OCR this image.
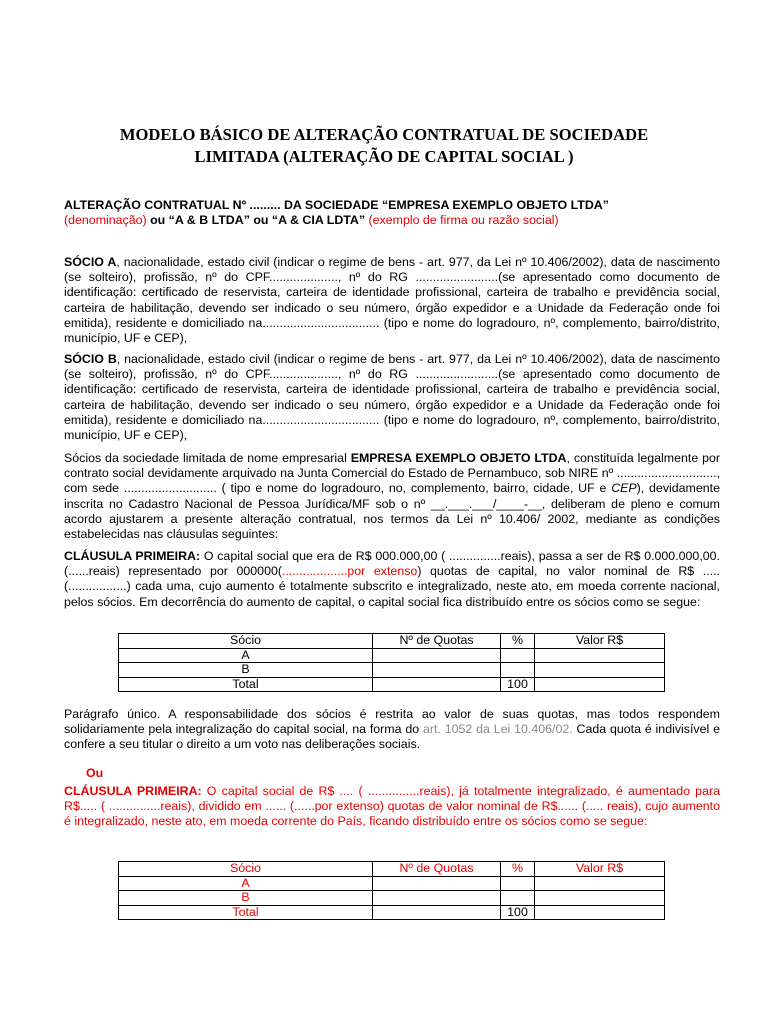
MODELO BÁSICO DE ALTERAÇÃO CONTRATUAL DE SOCIEDADE
LIMITADA (ALTERAÇÃO DE CAPITAL SOCIAL )
ALTERAÇÃO CONTRATUAL Nº ......... DA SOCIEDADE “EMPRESA EXEMPLO OBJETO LTDA”
(denominação) ou “A & B LTDA” ou “A & CIA LDTA” (exemplo de firma ou razão social)
SÓCIO A, nacionalidade, estado civil (indicar o regime de bens - art. 977, da Lei nº 10.406/2002), data de nascimento (se solteiro), profissão, nº do CPF...................., nº do RG ........................(se apresentado como documento de identificação: certificado de reservista, carteira de identidade profissional, carteira de trabalho e previdência social, carteira de habilitação, devendo ser indicado o seu número, órgão expedidor e a Unidade da Federação onde foi emitida), residente e domiciliado na.................................. (tipo e nome do logradouro, nº, complemento, bairro/distrito, município, UF e CEP),
SÓCIO B, nacionalidade, estado civil (indicar o regime de bens - art. 977, da Lei nº 10.406/2002), data de nascimento (se solteiro), profissão, nº do CPF...................., nº do RG ........................(se apresentado como documento de identificação: certificado de reservista, carteira de identidade profissional, carteira de trabalho e previdência social, carteira de habilitação, devendo ser indicado o seu número, órgão expedidor e a Unidade da Federação onde foi emitida), residente e domiciliado na.................................. (tipo e nome do logradouro, nº, complemento, bairro/distrito, município, UF e CEP),
Sócios da sociedade limitada de nome empresarial EMPRESA EXEMPLO OBJETO LTDA, constituída legalmente por contrato social devidamente arquivado na Junta Comercial do Estado de Pernambuco, sob NIRE nº ............................., com sede ........................... ( tipo e nome do logradouro, no, complemento, bairro, cidade, UF e CEP), devidamente inscrita no Cadastro Nacional de Pessoa Jurídica/MF sob o nº __.___.___/____-__, deliberam de pleno e comum acordo ajustarem a presente alteração contratual, nos termos da Lei nº 10.406/ 2002, mediante as condições estabelecidas nas cláusulas seguintes:
CLÁUSULA PRIMEIRA: O capital social que era de R$ 000.000,00 ( ...............reais), passa a ser de R$ 0.000.000,00. (......reais) representado por 000000(...................por extenso) quotas de capital, no valor nominal de R$ ..... (.................) cada uma, cujo aumento é totalmente subscrito e integralizado, neste ato, em moeda corrente nacional, pelos sócios. Em decorrência do aumento de capital, o capital social fica distribuído entre os sócios como se segue:
Sócio	Nº de Quotas	%	Valor R$
A			
B			
Total		100	
Parágrafo único. A responsabilidade dos sócios é restrita ao valor de suas quotas, mas todos respondem solidariamente pela integralização do capital social, na forma do art. 1052 da Lei 10.406/02. Cada quota é indivisível e confere a seu titular o direito a um voto nas deliberações sociais.
Ou
CLÁUSULA PRIMEIRA: O capital social de R$ .... ( ...............reais), já totalmente integralizado, é aumentado para R$..... ( ...............reais), dividido em ...... (......por extenso) quotas de valor nominal de R$...... (..... reais), cujo aumento é integralizado, neste ato, em moeda corrente do País, ficando distribuído entre os sócios como se segue:
Sócio	Nº de Quotas	%	Valor R$
A			
B			
Total		100	
